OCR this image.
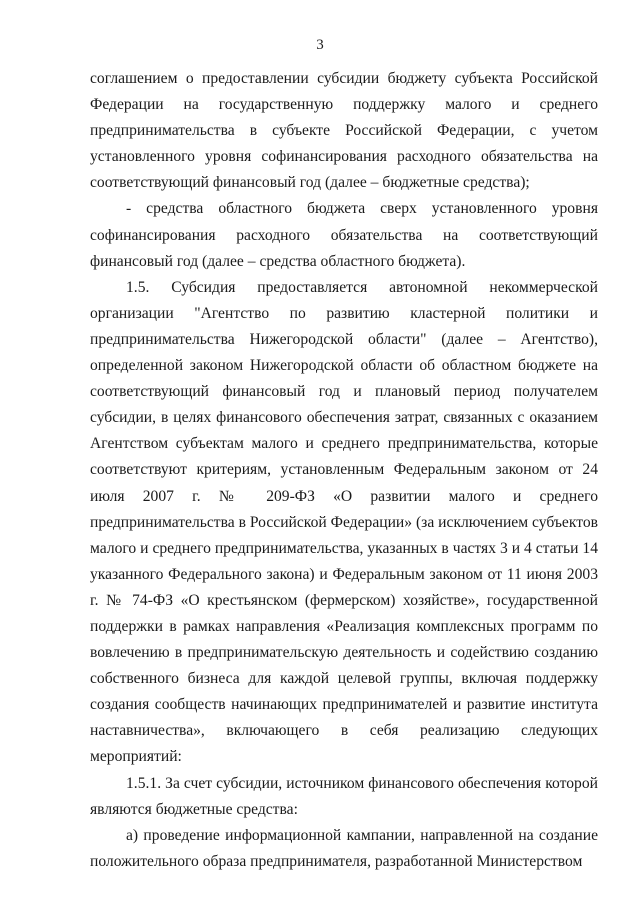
3

соглашением о предоставлении субсидии бюджету субъекта Российской Федерации на государственную поддержку малого и среднего предпринимательства в субъекте Российской Федерации, с учетом установленного уровня софинансирования расходного обязательства на соответствующий финансовый год (далее – бюджетные средства);

- средства областного бюджета сверх установленного уровня софинансирования расходного обязательства на соответствующий финансовый год (далее – средства областного бюджета).

1.5. Субсидия предоставляется автономной некоммерческой организации "Агентство по развитию кластерной политики и предпринимательства Нижегородской области" (далее – Агентство), определенной законом Нижегородской области об областном бюджете на соответствующий финансовый год и плановый период получателем субсидии, в целях финансового обеспечения затрат, связанных с оказанием Агентством субъектам малого и среднего предпринимательства, которые соответствуют критериям, установленным Федеральным законом от 24 июля 2007 г. № 209-ФЗ «О развитии малого и среднего предпринимательства в Российской Федерации» (за исключением субъектов малого и среднего предпринимательства, указанных в частях 3 и 4 статьи 14 указанного Федерального закона) и Федеральным законом от 11 июня 2003 г. № 74-ФЗ «О крестьянском (фермерском) хозяйстве», государственной поддержки в рамках направления «Реализация комплексных программ по вовлечению в предпринимательскую деятельность и содействию созданию собственного бизнеса для каждой целевой группы, включая поддержку создания сообществ начинающих предпринимателей и развитие института наставничества», включающего в себя реализацию следующих мероприятий:

1.5.1. За счет субсидии, источником финансового обеспечения которой являются бюджетные средства:

а) проведение информационной кампании, направленной на создание положительного образа предпринимателя, разработанной Министерством
